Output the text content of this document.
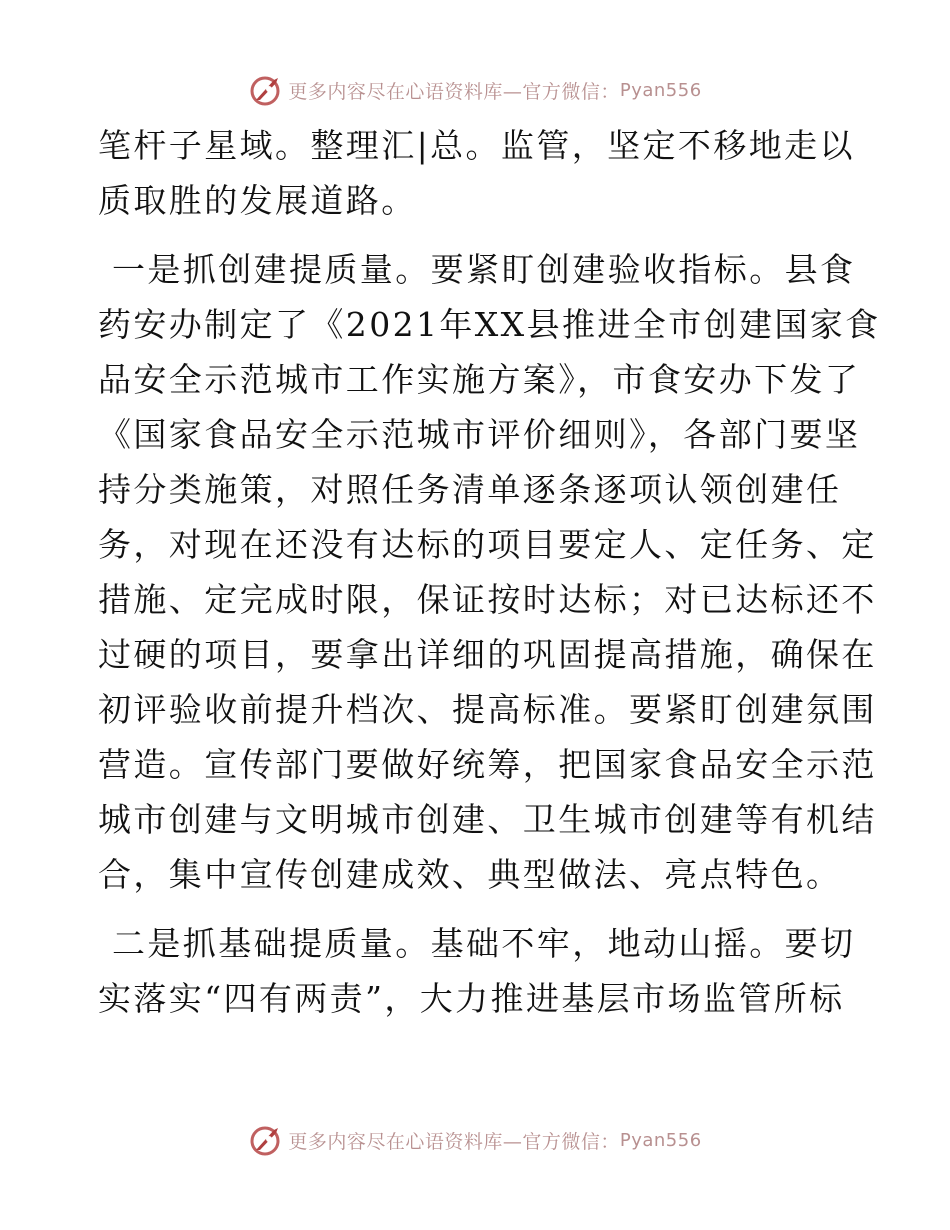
更多内容尽在心语资料库—官方微信： Pyan556

笔杆子星域。整理汇|总。监管，坚定不移地走以
质取胜的发展道路。

一是抓创建提质量。要紧盯创建验收指标。县食
药安办制定了《2021年XX县推进全市创建国家食
品安全示范城市工作实施方案》，市食安办下发了
《国家食品安全示范城市评价细则》，各部门要坚
持分类施策，对照任务清单逐条逐项认领创建任
务，对现在还没有达标的项目要定人、定任务、定
措施、定完成时限，保证按时达标；对已达标还不
过硬的项目，要拿出详细的巩固提高措施，确保在
初评验收前提升档次、提高标准。要紧盯创建氛围
营造。宣传部门要做好统筹，把国家食品安全示范
城市创建与文明城市创建、卫生城市创建等有机结
合，集中宣传创建成效、典型做法、亮点特色。

二是抓基础提质量。基础不牢，地动山摇。要切
实落实“四有两责”，大力推进基层市场监管所标

更多内容尽在心语资料库—官方微信： Pyan556
